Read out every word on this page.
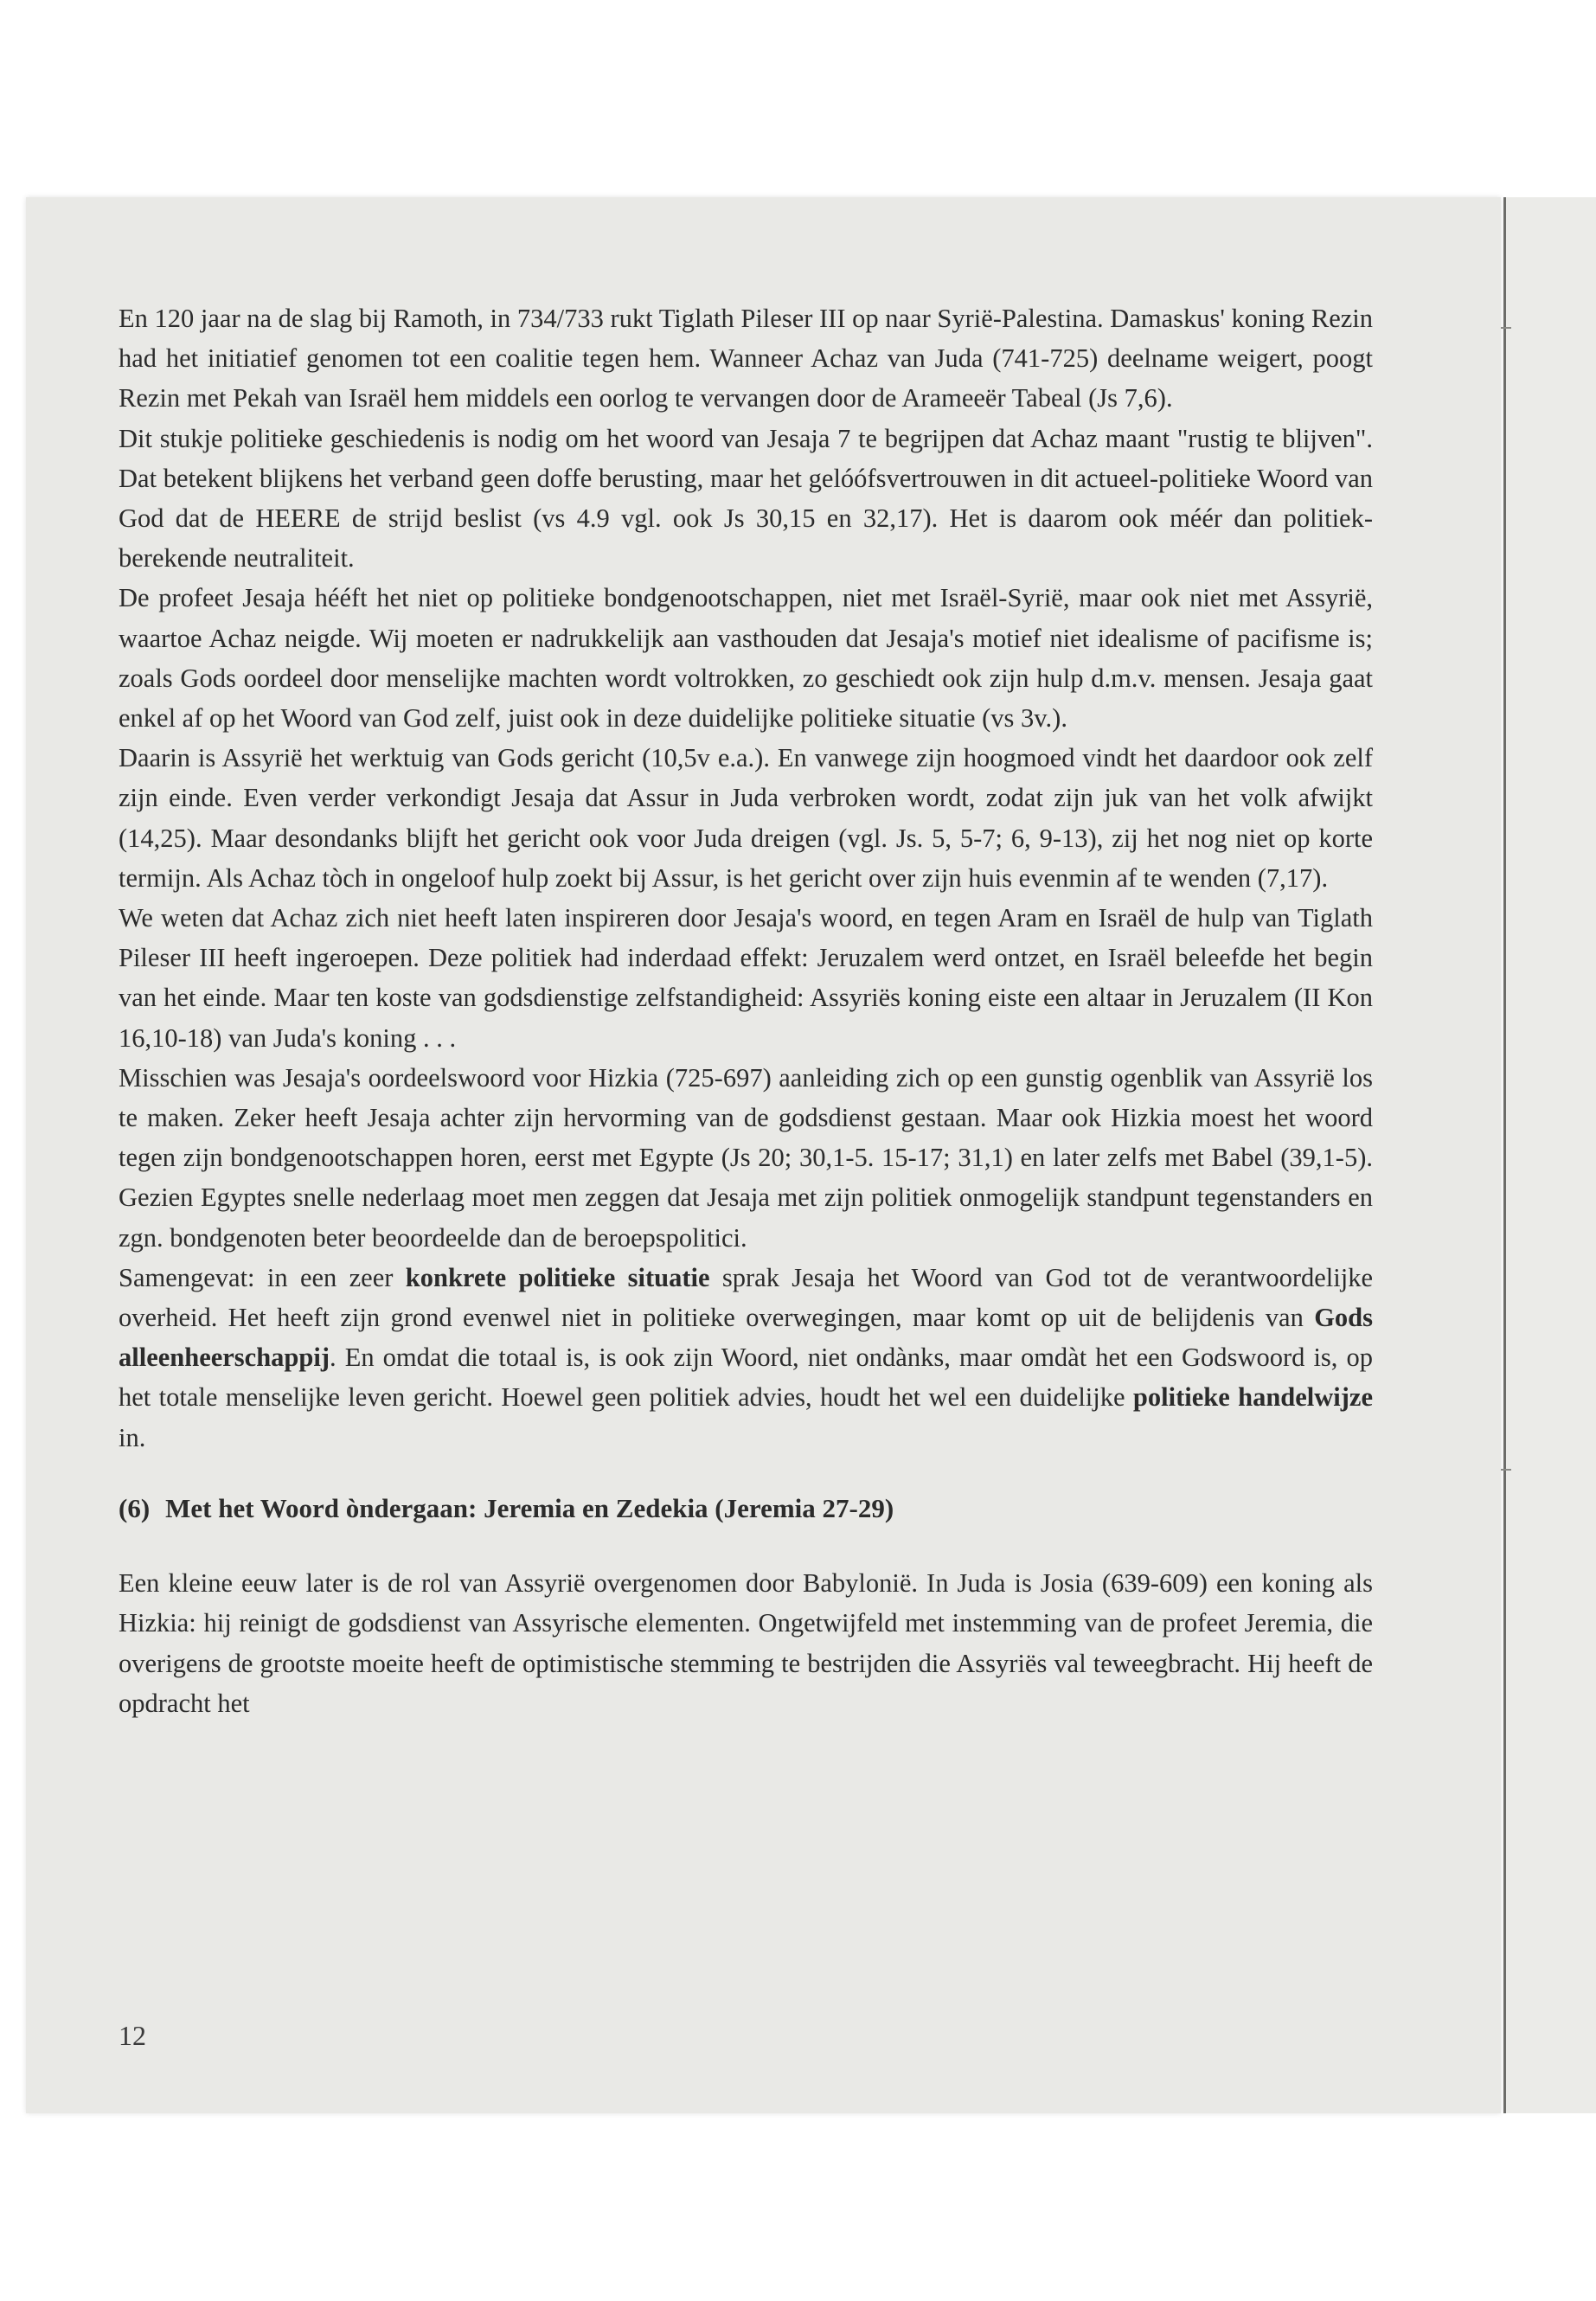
En 120 jaar na de slag bij Ramoth, in 734/733 rukt Tiglath Pileser III op naar Syrië-Palestina. Damaskus' koning Rezin had het initiatief genomen tot een coalitie tegen hem. Wanneer Achaz van Juda (741-725) deelname weigert, poogt Rezin met Pekah van Israël hem middels een oorlog te vervangen door de Arameeër Tabeal (Js 7,6).

Dit stukje politieke geschiedenis is nodig om het woord van Jesaja 7 te begrijpen dat Achaz maant "rustig te blijven". Dat betekent blijkens het verband geen doffe berusting, maar het gelóófsvertrouwen in dit actueel-politieke Woord van God dat de HEERE de strijd beslist (vs 4.9 vgl. ook Js 30,15 en 32,17). Het is daarom ook méér dan politiek-berekende neutraliteit.

De profeet Jesaja hééft het niet op politieke bondgenootschappen, niet met Israël-Syrië, maar ook niet met Assyrië, waartoe Achaz neigde. Wij moeten er nadrukkelijk aan vasthouden dat Jesaja's motief niet idealisme of pacifisme is; zoals Gods oordeel door menselijke machten wordt voltrokken, zo geschiedt ook zijn hulp d.m.v. mensen. Jesaja gaat enkel af op het Woord van God zelf, juist ook in deze duidelijke politieke situatie (vs 3v.).

Daarin is Assyrië het werktuig van Gods gericht (10,5v e.a.). En vanwege zijn hoogmoed vindt het daardoor ook zelf zijn einde. Even verder verkondigt Jesaja dat Assur in Juda verbroken wordt, zodat zijn juk van het volk afwijkt (14,25). Maar desondanks blijft het gericht ook voor Juda dreigen (vgl. Js. 5, 5-7; 6, 9-13), zij het nog niet op korte termijn. Als Achaz tòch in ongeloof hulp zoekt bij Assur, is het gericht over zijn huis evenmin af te wenden (7,17).

We weten dat Achaz zich niet heeft laten inspireren door Jesaja's woord, en tegen Aram en Israël de hulp van Tiglath Pileser III heeft ingeroepen. Deze politiek had inderdaad effekt: Jeruzalem werd ontzet, en Israël beleefde het begin van het einde. Maar ten koste van godsdienstige zelfstandigheid: Assyriës koning eiste een altaar in Jeruzalem (II Kon 16,10-18) van Juda's koning . . .

Misschien was Jesaja's oordeelswoord voor Hizkia (725-697) aanleiding zich op een gunstig ogenblik van Assyrië los te maken. Zeker heeft Jesaja achter zijn hervorming van de godsdienst gestaan. Maar ook Hizkia moest het woord tegen zijn bondgenootschappen horen, eerst met Egypte (Js 20; 30,1-5. 15-17; 31,1) en later zelfs met Babel (39,1-5). Gezien Egyptes snelle nederlaag moet men zeggen dat Jesaja met zijn politiek onmogelijk standpunt tegenstanders en zgn. bondgenoten beter beoordeelde dan de beroepspolitici.

Samengevat: in een zeer konkrete politieke situatie sprak Jesaja het Woord van God tot de verantwoordelijke overheid. Het heeft zijn grond evenwel niet in politieke overwegingen, maar komt op uit de belijdenis van Gods alleenheerschappij. En omdat die totaal is, is ook zijn Woord, niet ondànks, maar omdàt het een Godswoord is, op het totale menselijke leven gericht. Hoewel geen politiek advies, houdt het wel een duidelijke politieke handelwijze in.

(6) Met het Woord òndergaan: Jeremia en Zedekia (Jeremia 27-29)

Een kleine eeuw later is de rol van Assyrië overgenomen door Babylonië. In Juda is Josia (639-609) een koning als Hizkia: hij reinigt de godsdienst van Assyrische elementen. Ongetwijfeld met instemming van de profeet Jeremia, die overigens de grootste moeite heeft de optimistische stemming te bestrijden die Assyriës val teweegbracht. Hij heeft de opdracht het

12
